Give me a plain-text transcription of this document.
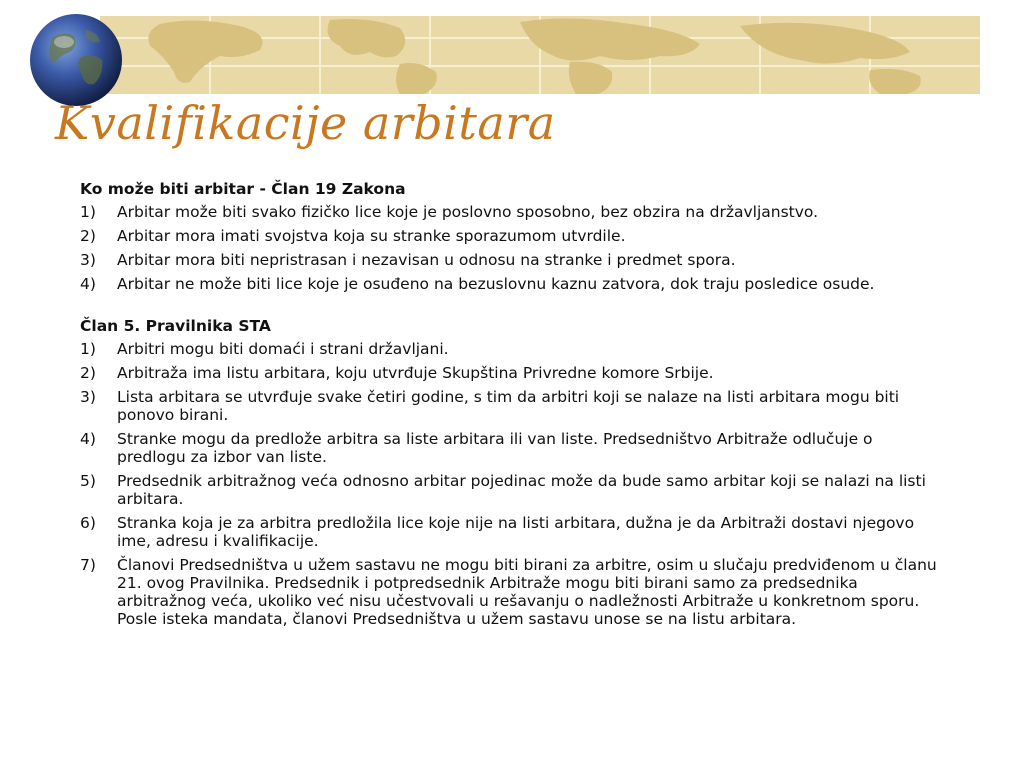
Kvalifikacije arbitara

Ko može biti arbitar - Član 19 Zakona

1) Arbitar može biti svako fizičko lice koje je poslovno sposobno, bez obzira na državljanstvo.
2) Arbitar mora imati svojstva koja su stranke sporazumom utvrdile.
3) Arbitar mora biti nepristrasan i nezavisan u odnosu na stranke i predmet spora.
4) Arbitar ne može biti lice koje je osuđeno na bezuslovnu kaznu zatvora, dok traju posledice osude.

Član 5. Pravilnika STA

1) Arbitri mogu biti domaći i strani državljani.
2) Arbitraža ima listu arbitara, koju utvrđuje Skupština Privredne komore Srbije.
3) Lista arbitara se utvrđuje svake četiri godine, s tim da arbitri koji se nalaze na listi arbitara mogu biti ponovo birani.
4) Stranke mogu da predlože arbitra sa liste arbitara ili van liste. Predsedništvo Arbitraže odlučuje o predlogu za izbor van liste.
5) Predsednik arbitražnog veća odnosno arbitar pojedinac može da bude samo arbitar koji se nalazi na listi arbitara.
6) Stranka koja je za arbitra predložila lice koje nije na listi arbitara, dužna je da Arbitraži dostavi njegovo ime, adresu i kvalifikacije.
7) Članovi Predsedništva u užem sastavu ne mogu biti birani za arbitre, osim u slučaju predviđenom u članu 21. ovog Pravilnika. Predsednik i potpredsednik Arbitraže mogu biti birani samo za predsednika arbitražnog veća, ukoliko već nisu učestvovali u rešavanju o nadležnosti Arbitraže u konkretnom sporu. Posle isteka mandata, članovi Predsedništva u užem sastavu unose se na listu arbitara.
